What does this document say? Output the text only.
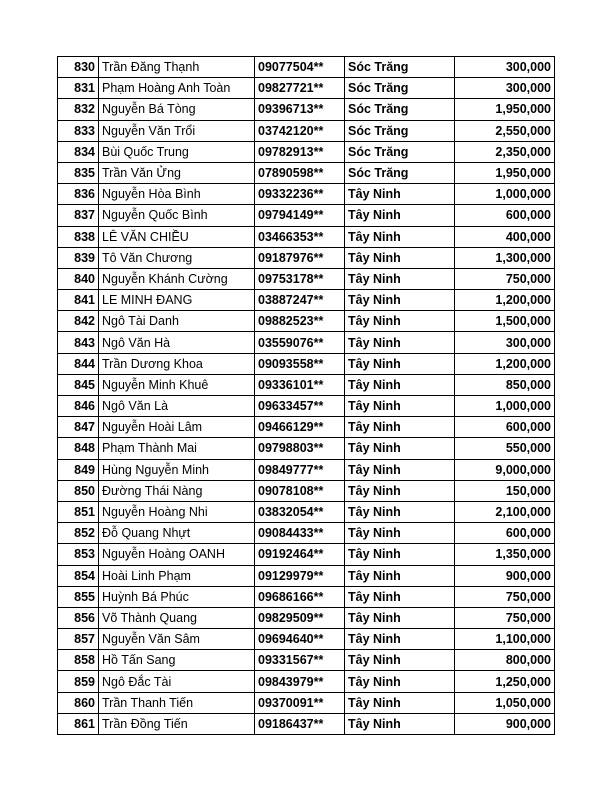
830	Trần Đăng Thạnh	09077504**	Sóc Trăng	300,000
831	Phạm Hoàng Anh Toàn	09827721**	Sóc Trăng	300,000
832	Nguyễn Bá Tòng	09396713**	Sóc Trăng	1,950,000
833	Nguyễn Văn Trổi	03742120**	Sóc Trăng	2,550,000
834	Bùi Quốc Trung	09782913**	Sóc Trăng	2,350,000
835	Trần Văn Ửng	07890598**	Sóc Trăng	1,950,000
836	Nguyễn Hòa Bình	09332236**	Tây Ninh	1,000,000
837	Nguyễn Quốc Bình	09794149**	Tây Ninh	600,000
838	LÊ VĂN CHIỀU	03466353**	Tây Ninh	400,000
839	Tô Văn Chương	09187976**	Tây Ninh	1,300,000
840	Nguyễn Khánh Cường	09753178**	Tây Ninh	750,000
841	LE MINH ĐANG	03887247**	Tây Ninh	1,200,000
842	Ngô Tài Danh	09882523**	Tây Ninh	1,500,000
843	Ngô Văn Hà	03559076**	Tây Ninh	300,000
844	Trần Dương Khoa	09093558**	Tây Ninh	1,200,000
845	Nguyễn Minh Khuê	09336101**	Tây Ninh	850,000
846	Ngô Văn Là	09633457**	Tây Ninh	1,000,000
847	Nguyễn Hoài Lâm	09466129**	Tây Ninh	600,000
848	Phạm Thành Mai	09798803**	Tây Ninh	550,000
849	Hùng Nguyễn Minh	09849777**	Tây Ninh	9,000,000
850	Đường Thái Nàng	09078108**	Tây Ninh	150,000
851	Nguyễn Hoàng Nhi	03832054**	Tây Ninh	2,100,000
852	Đỗ Quang Nhựt	09084433**	Tây Ninh	600,000
853	Nguyễn Hoàng OANH	09192464**	Tây Ninh	1,350,000
854	Hoài Linh Phạm	09129979**	Tây Ninh	900,000
855	Huỳnh Bá Phúc	09686166**	Tây Ninh	750,000
856	Võ Thành Quang	09829509**	Tây Ninh	750,000
857	Nguyễn Văn Sâm	09694640**	Tây Ninh	1,100,000
858	Hồ Tấn Sang	09331567**	Tây Ninh	800,000
859	Ngô Đắc Tài	09843979**	Tây Ninh	1,250,000
860	Trần Thanh Tiến	09370091**	Tây Ninh	1,050,000
861	Trần Đồng Tiến	09186437**	Tây Ninh	900,000
